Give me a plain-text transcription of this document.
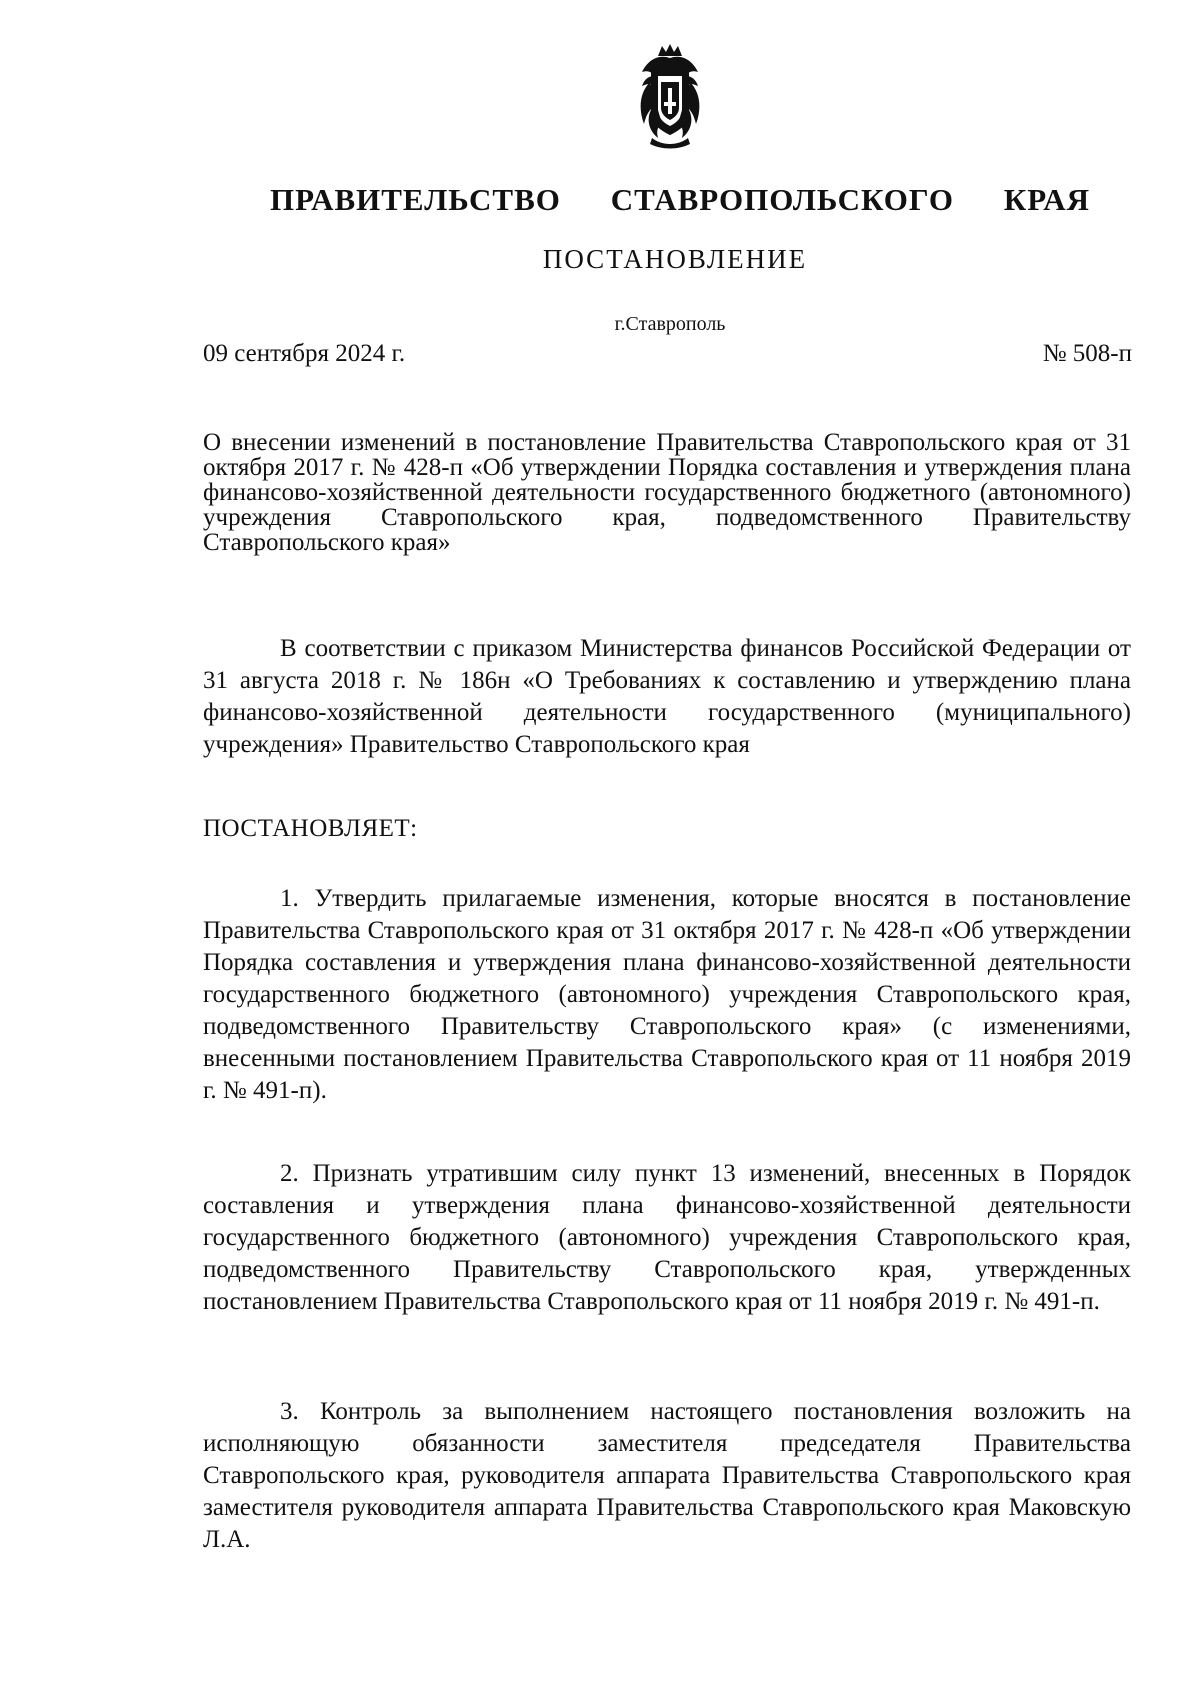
ПРАВИТЕЛЬСТВО СТАВРОПОЛЬСКОГО КРАЯ
ПОСТАНОВЛЕНИЕ
г.Ставрополь
09 сентября 2024 г.	№ 508-п
О внесении изменений в постановление Правительства Ставропольского края от 31 октября 2017 г. № 428-п «Об утверждении Порядка составления и утверждения плана финансово-хозяйственной деятельности государственного бюджетного (автономного) учреждения Ставропольского края, подведомственного Правительству Ставропольского края»

В соответствии с приказом Министерства финансов Российской Федерации от 31 августа 2018 г. № 186н «О Требованиях к составлению и утверждению плана финансово-хозяйственной деятельности государственного (муниципального) учреждения» Правительство Ставропольского края

ПОСТАНОВЛЯЕТ:

1. Утвердить прилагаемые изменения, которые вносятся в постановление Правительства Ставропольского края от 31 октября 2017 г. № 428-п «Об утверждении Порядка составления и утверждения плана финансово-хозяйственной деятельности государственного бюджетного (автономного) учреждения Ставропольского края, подведомственного Правительству Ставропольского края» (с изменениями, внесенными постановлением Правительства Ставропольского края от 11 ноября 2019 г. № 491-п).

2. Признать утратившим силу пункт 13 изменений, внесенных в Порядок составления и утверждения плана финансово-хозяйственной деятельности государственного бюджетного (автономного) учреждения Ставропольского края, подведомственного Правительству Ставропольского края, утвержденных постановлением Правительства Ставропольского края от 11 ноября 2019 г. № 491-п.

3. Контроль за выполнением настоящего постановления возложить на исполняющую обязанности заместителя председателя Правительства Ставропольского края, руководителя аппарата Правительства Ставропольского края заместителя руководителя аппарата Правительства Ставропольского края Маковскую Л.А.
